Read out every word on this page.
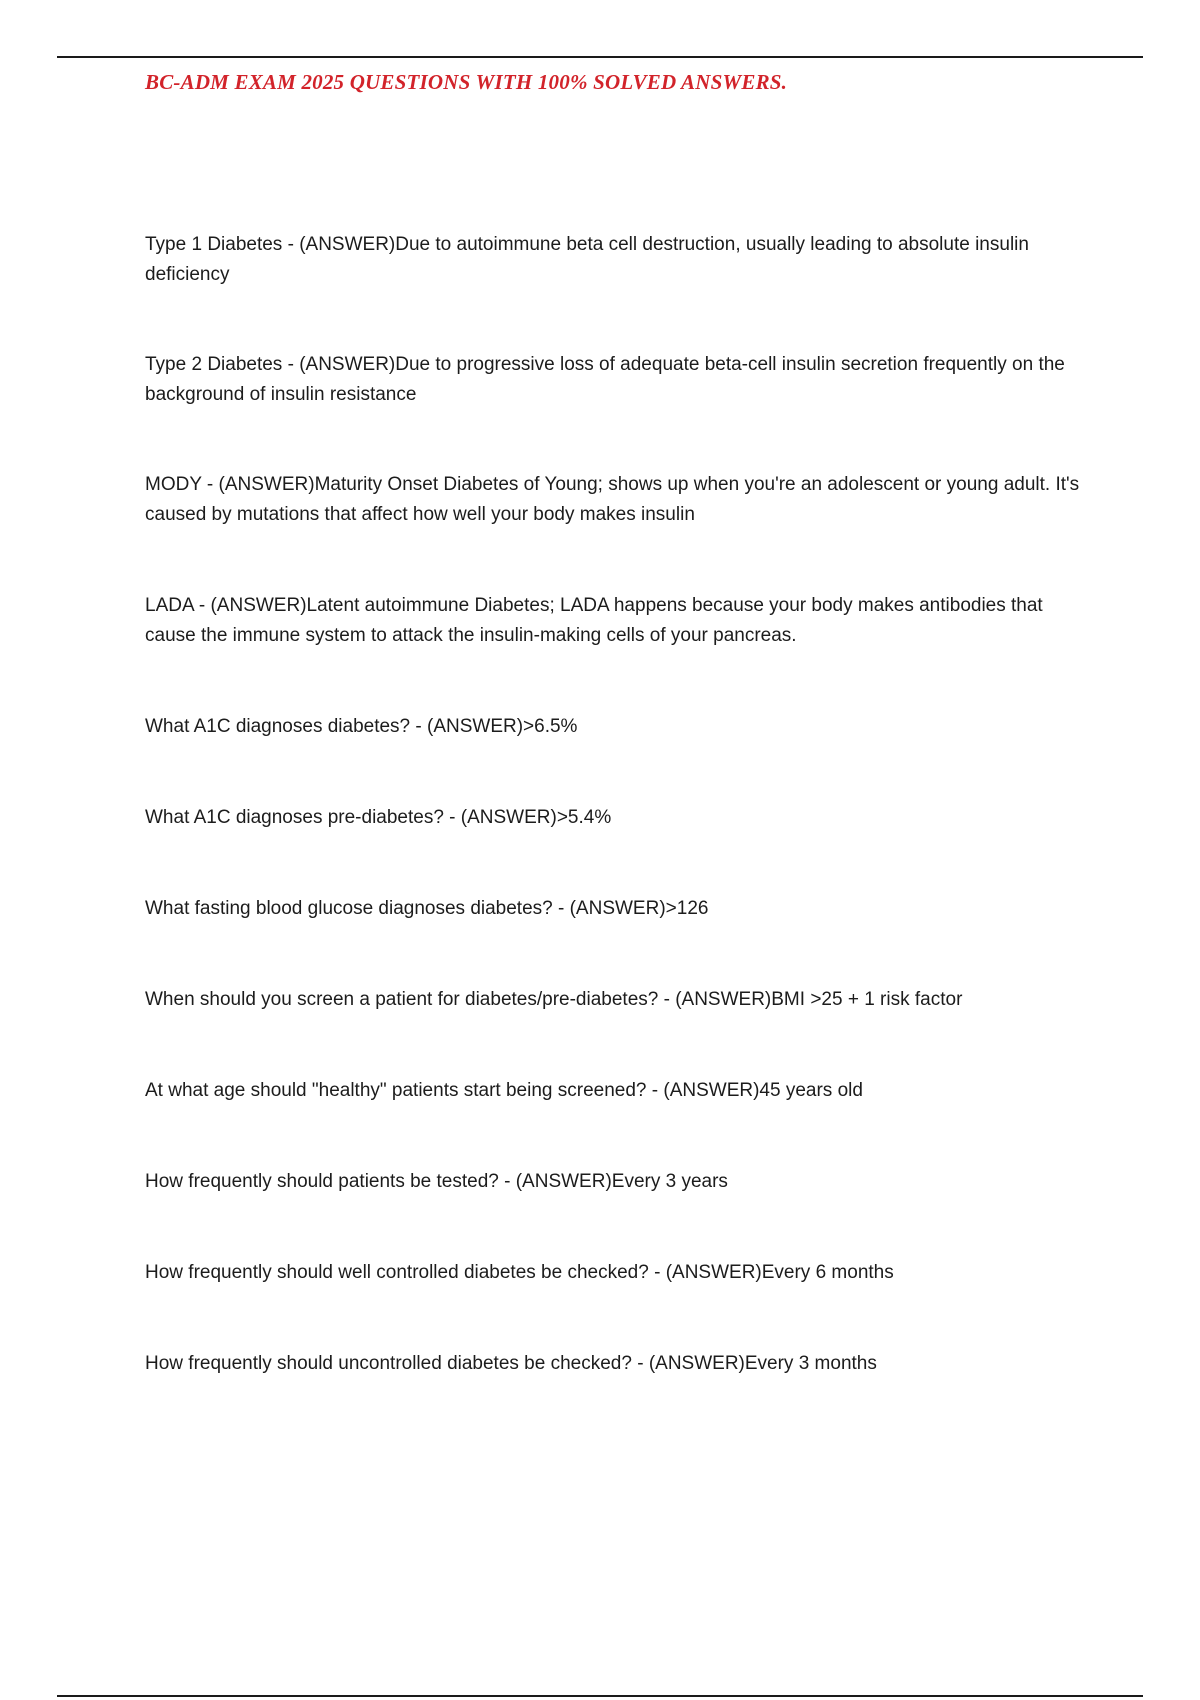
BC-ADM EXAM 2025 QUESTIONS WITH 100% SOLVED ANSWERS.
Type 1 Diabetes - (ANSWER)Due to autoimmune beta cell destruction, usually leading to absolute insulin deficiency
Type 2 Diabetes - (ANSWER)Due to progressive loss of adequate beta-cell insulin secretion frequently on the background of insulin resistance
MODY - (ANSWER)Maturity Onset Diabetes of Young; shows up when you're an adolescent or young adult. It's caused by mutations that affect how well your body makes insulin
LADA - (ANSWER)Latent autoimmune Diabetes; LADA happens because your body makes antibodies that cause the immune system to attack the insulin-making cells of your pancreas.
What A1C diagnoses diabetes? - (ANSWER)>6.5%
What A1C diagnoses pre-diabetes? - (ANSWER)>5.4%
What fasting blood glucose diagnoses diabetes? - (ANSWER)>126
When should you screen a patient for diabetes/pre-diabetes? - (ANSWER)BMI >25 + 1 risk factor
At what age should "healthy" patients start being screened? - (ANSWER)45 years old
How frequently should patients be tested? - (ANSWER)Every 3 years
How frequently should well controlled diabetes be checked? - (ANSWER)Every 6 months
How frequently should uncontrolled diabetes be checked? - (ANSWER)Every 3 months
